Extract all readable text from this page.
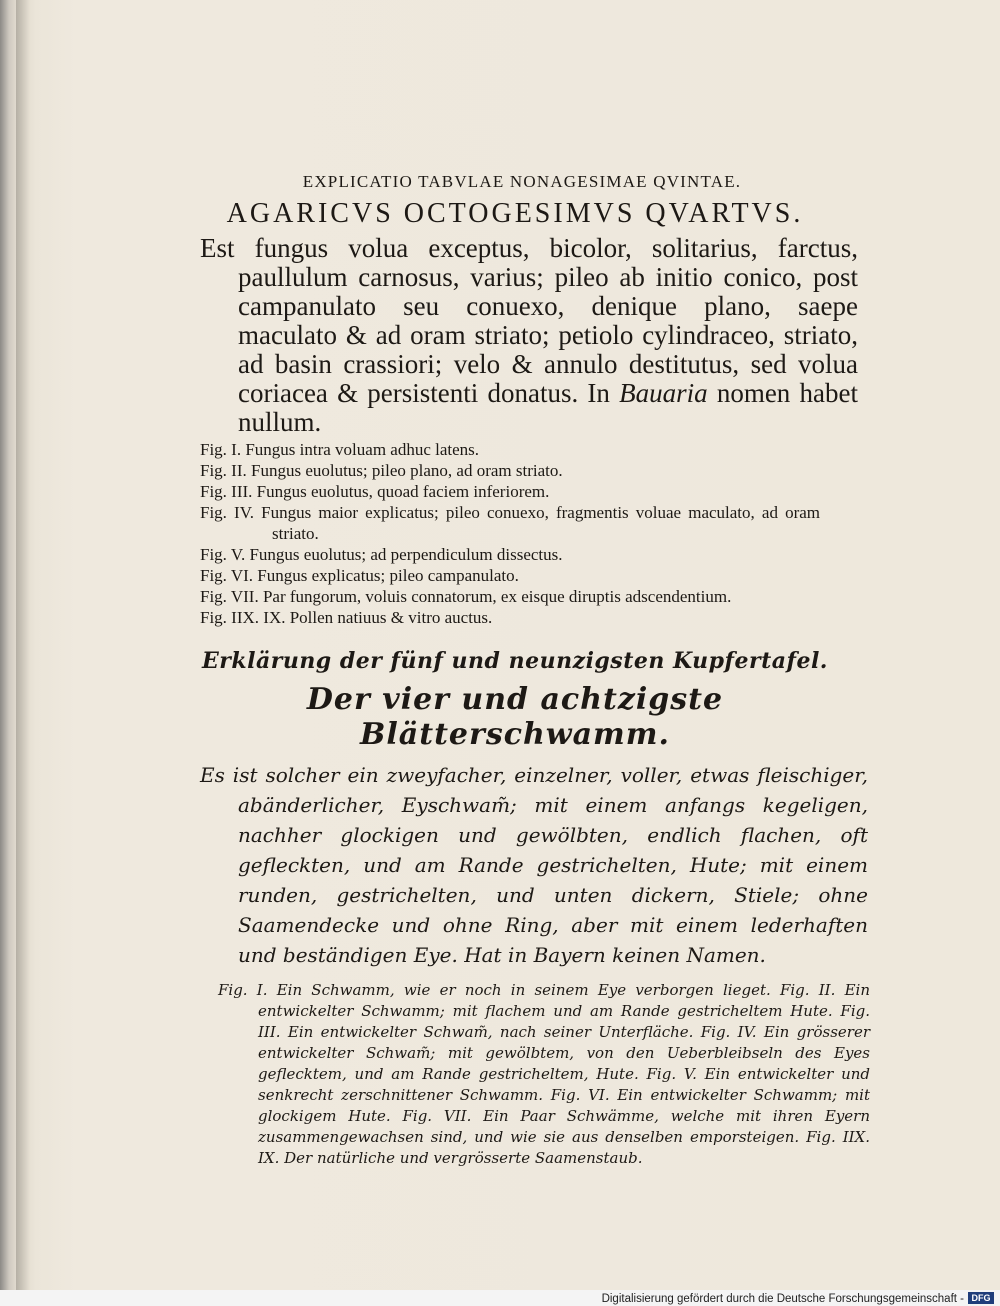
EXPLICATIO TABVLAE NONAGESIMAE QVINTAE.
AGARICVS OCTOGESIMVS QVARTVS.
Est fungus volua exceptus, bicolor, solitarius, farctus, paullulum carnosus, varius; pileo ab initio conico, post campanulato seu conuexo, denique plano, saepe maculato & ad oram striato; petiolo cylindraceo, striato, ad basin crassiori; velo & annulo destitutus, sed volua coriacea & persistenti donatus. In Bauaria nomen habet nullum.
Fig. I. Fungus intra voluam adhuc latens.
Fig. II. Fungus euolutus; pileo plano, ad oram striato.
Fig. III. Fungus euolutus, quoad faciem inferiorem.
Fig. IV. Fungus maior explicatus; pileo conuexo, fragmentis voluae maculato, ad oram striato.
Fig. V. Fungus euolutus; ad perpendiculum dissectus.
Fig. VI. Fungus explicatus; pileo campanulato.
Fig. VII. Par fungorum, voluis connatorum, ex eisque diruptis adscendentium.
Fig. IIX. IX. Pollen natiuus & vitro auctus.
Erklärung der fünf und neunzigsten Kupfertafel.
Der vier und achtzigste Blätterschwamm.
Es ist solcher ein zweyfacher, einzelner, voller, etwas fleischiger, abänderlicher, Eyschwam̃; mit einem anfangs kegeligen, nachher glockigen und gewölbten, endlich flachen, oft gefleckten, und am Rande gestrichelten, Hute; mit einem runden, gestrichelten, und unten dickern, Stiele; ohne Saamendecke und ohne Ring, aber mit einem lederhaften und beständigen Eye. Hat in Bayern keinen Namen.
Fig. I. Ein Schwamm, wie er noch in seinem Eye verborgen lieget. Fig. II. Ein entwickelter Schwamm; mit flachem und am Rande gestricheltem Hute. Fig. III. Ein entwickelter Schwam̃, nach seiner Unterfläche. Fig. IV. Ein grösserer entwickelter Schwam̃; mit gewölbtem, von den Ueberbleibseln des Eyes geflecktem, und am Rande gestricheltem, Hute. Fig. V. Ein entwickelter und senkrecht zerschnittener Schwamm. Fig. VI. Ein entwickelter Schwamm; mit glockigem Hute. Fig. VII. Ein Paar Schwämme, welche mit ihren Eyern zusammengewachsen sind, und wie sie aus denselben emporsteigen. Fig. IIX. IX. Der natürliche und vergrösserte Saamenstaub.
Digitalisierung gefördert durch die Deutsche Forschungsgemeinschaft - DFG
